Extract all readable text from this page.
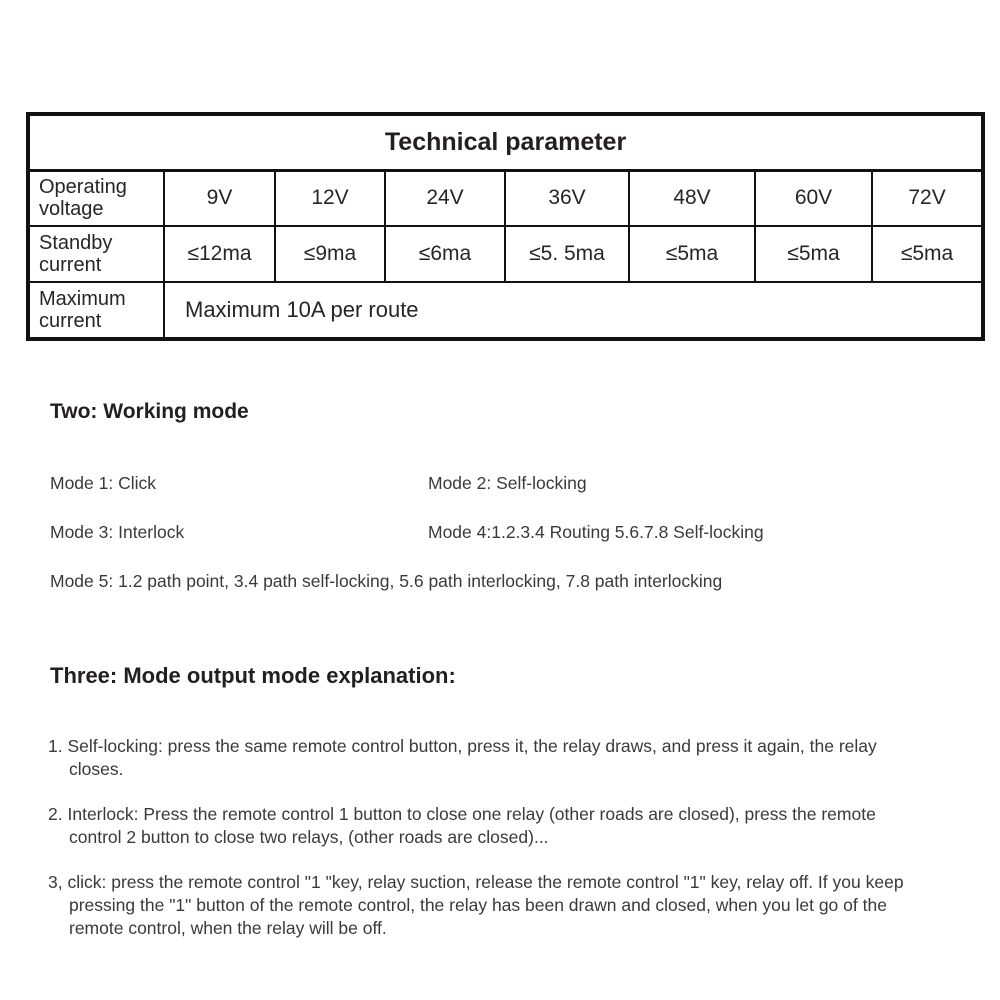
Technical parameter							
Operating voltage	9V	12V	24V	36V	48V	60V	72V
Standby current	≤12ma	≤9ma	≤6ma	≤5. 5ma	≤5ma	≤5ma	≤5ma
Maximum current	Maximum 10A per route						
Two: Working mode
Mode 1: Click	Mode 2: Self-locking
Mode 3: Interlock	Mode 4:1.2.3.4 Routing 5.6.7.8 Self-locking
Mode 5: 1.2 path point, 3.4 path self-locking, 5.6 path interlocking, 7.8 path interlocking
Three: Mode output mode explanation:

1. Self-locking: press the same remote control button, press it, the relay draws, and press it again, the relay closes.

2. Interlock: Press the remote control 1 button to close one relay (other roads are closed), press the remote control 2 button to close two relays, (other roads are closed)...

3, click: press the remote control "1 "key, relay suction, release the remote control "1" key, relay off. If you keep pressing the "1" button of the remote control, the relay has been drawn and closed, when you let go of the remote control, when the relay will be off.
